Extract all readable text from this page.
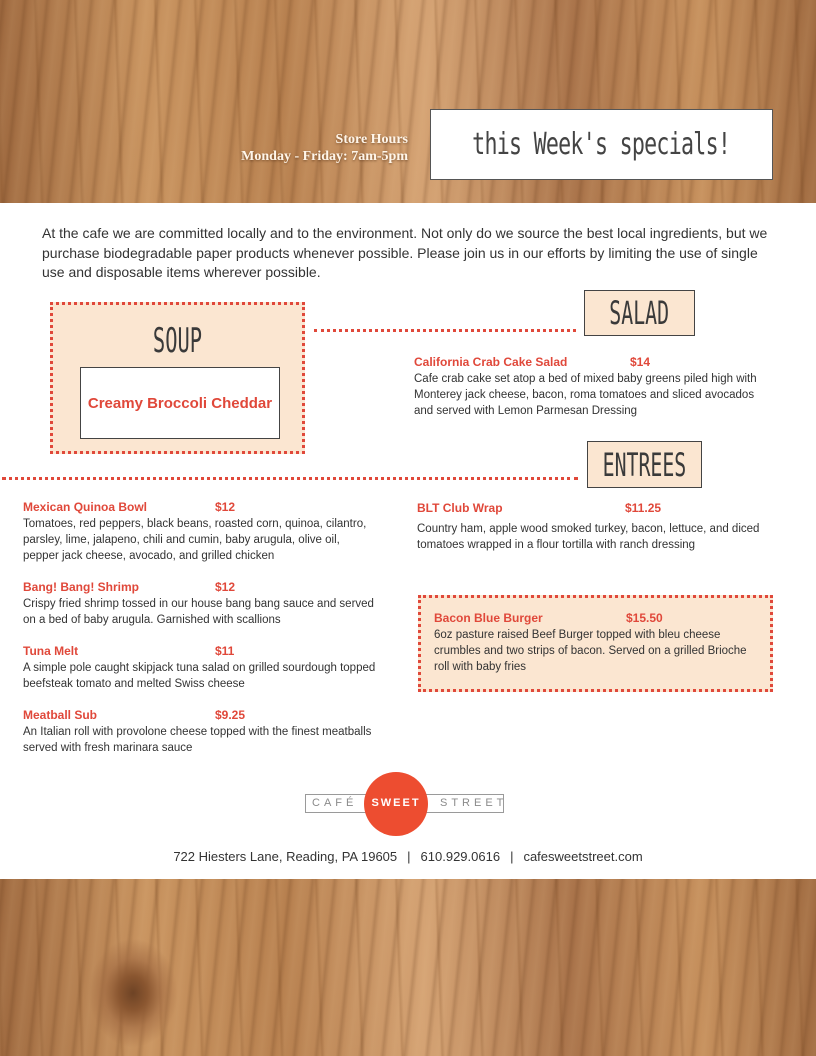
Store Hours
Monday - Friday: 7am-5pm this Week's specials!
At the cafe we are committed locally and to the environment. Not only do we source the best local ingredients, but we purchase biodegradable paper products whenever possible. Please join us in our efforts by limiting the use of single use and disposable items wherever possible.
SOUP
Creamy Broccoli Cheddar
SALAD
California Crab Cake Salad	$14
Cafe crab cake set atop a bed of mixed baby greens piled high with Monterey jack cheese, bacon, roma tomatoes and sliced avocados and served with Lemon Parmesan Dressing
ENTREES
Mexican Quinoa Bowl	$12
Tomatoes, red peppers, black beans, roasted corn, quinoa, cilantro, parsley, lime, jalapeno, chili and cumin, baby arugula, olive oil, pepper jack cheese, avocado, and grilled chicken
Bang! Bang! Shrimp	$12
Crispy fried shrimp tossed in our house bang bang sauce and served on a bed of baby arugula. Garnished with scallions
Tuna Melt	$11
A simple pole caught skipjack tuna salad on grilled sourdough topped beefsteak tomato and melted Swiss cheese
Meatball Sub	$9.25
An Italian roll with provolone cheese topped with the finest meatballs served with fresh marinara sauce
BLT Club Wrap	$11.25
Country ham, apple wood smoked turkey, bacon, lettuce, and diced tomatoes wrapped in a flour tortilla with ranch dressing
Bacon Blue Burger	$15.50
6oz pasture raised Beef Burger topped with bleu cheese crumbles and two strips of bacon. Served on a grilled Brioche roll with baby fries
CAFÉ	STREET
SWEET
722 Hiesters Lane, Reading, PA 19605 | 610.929.0616 | cafesweetstreet.com
